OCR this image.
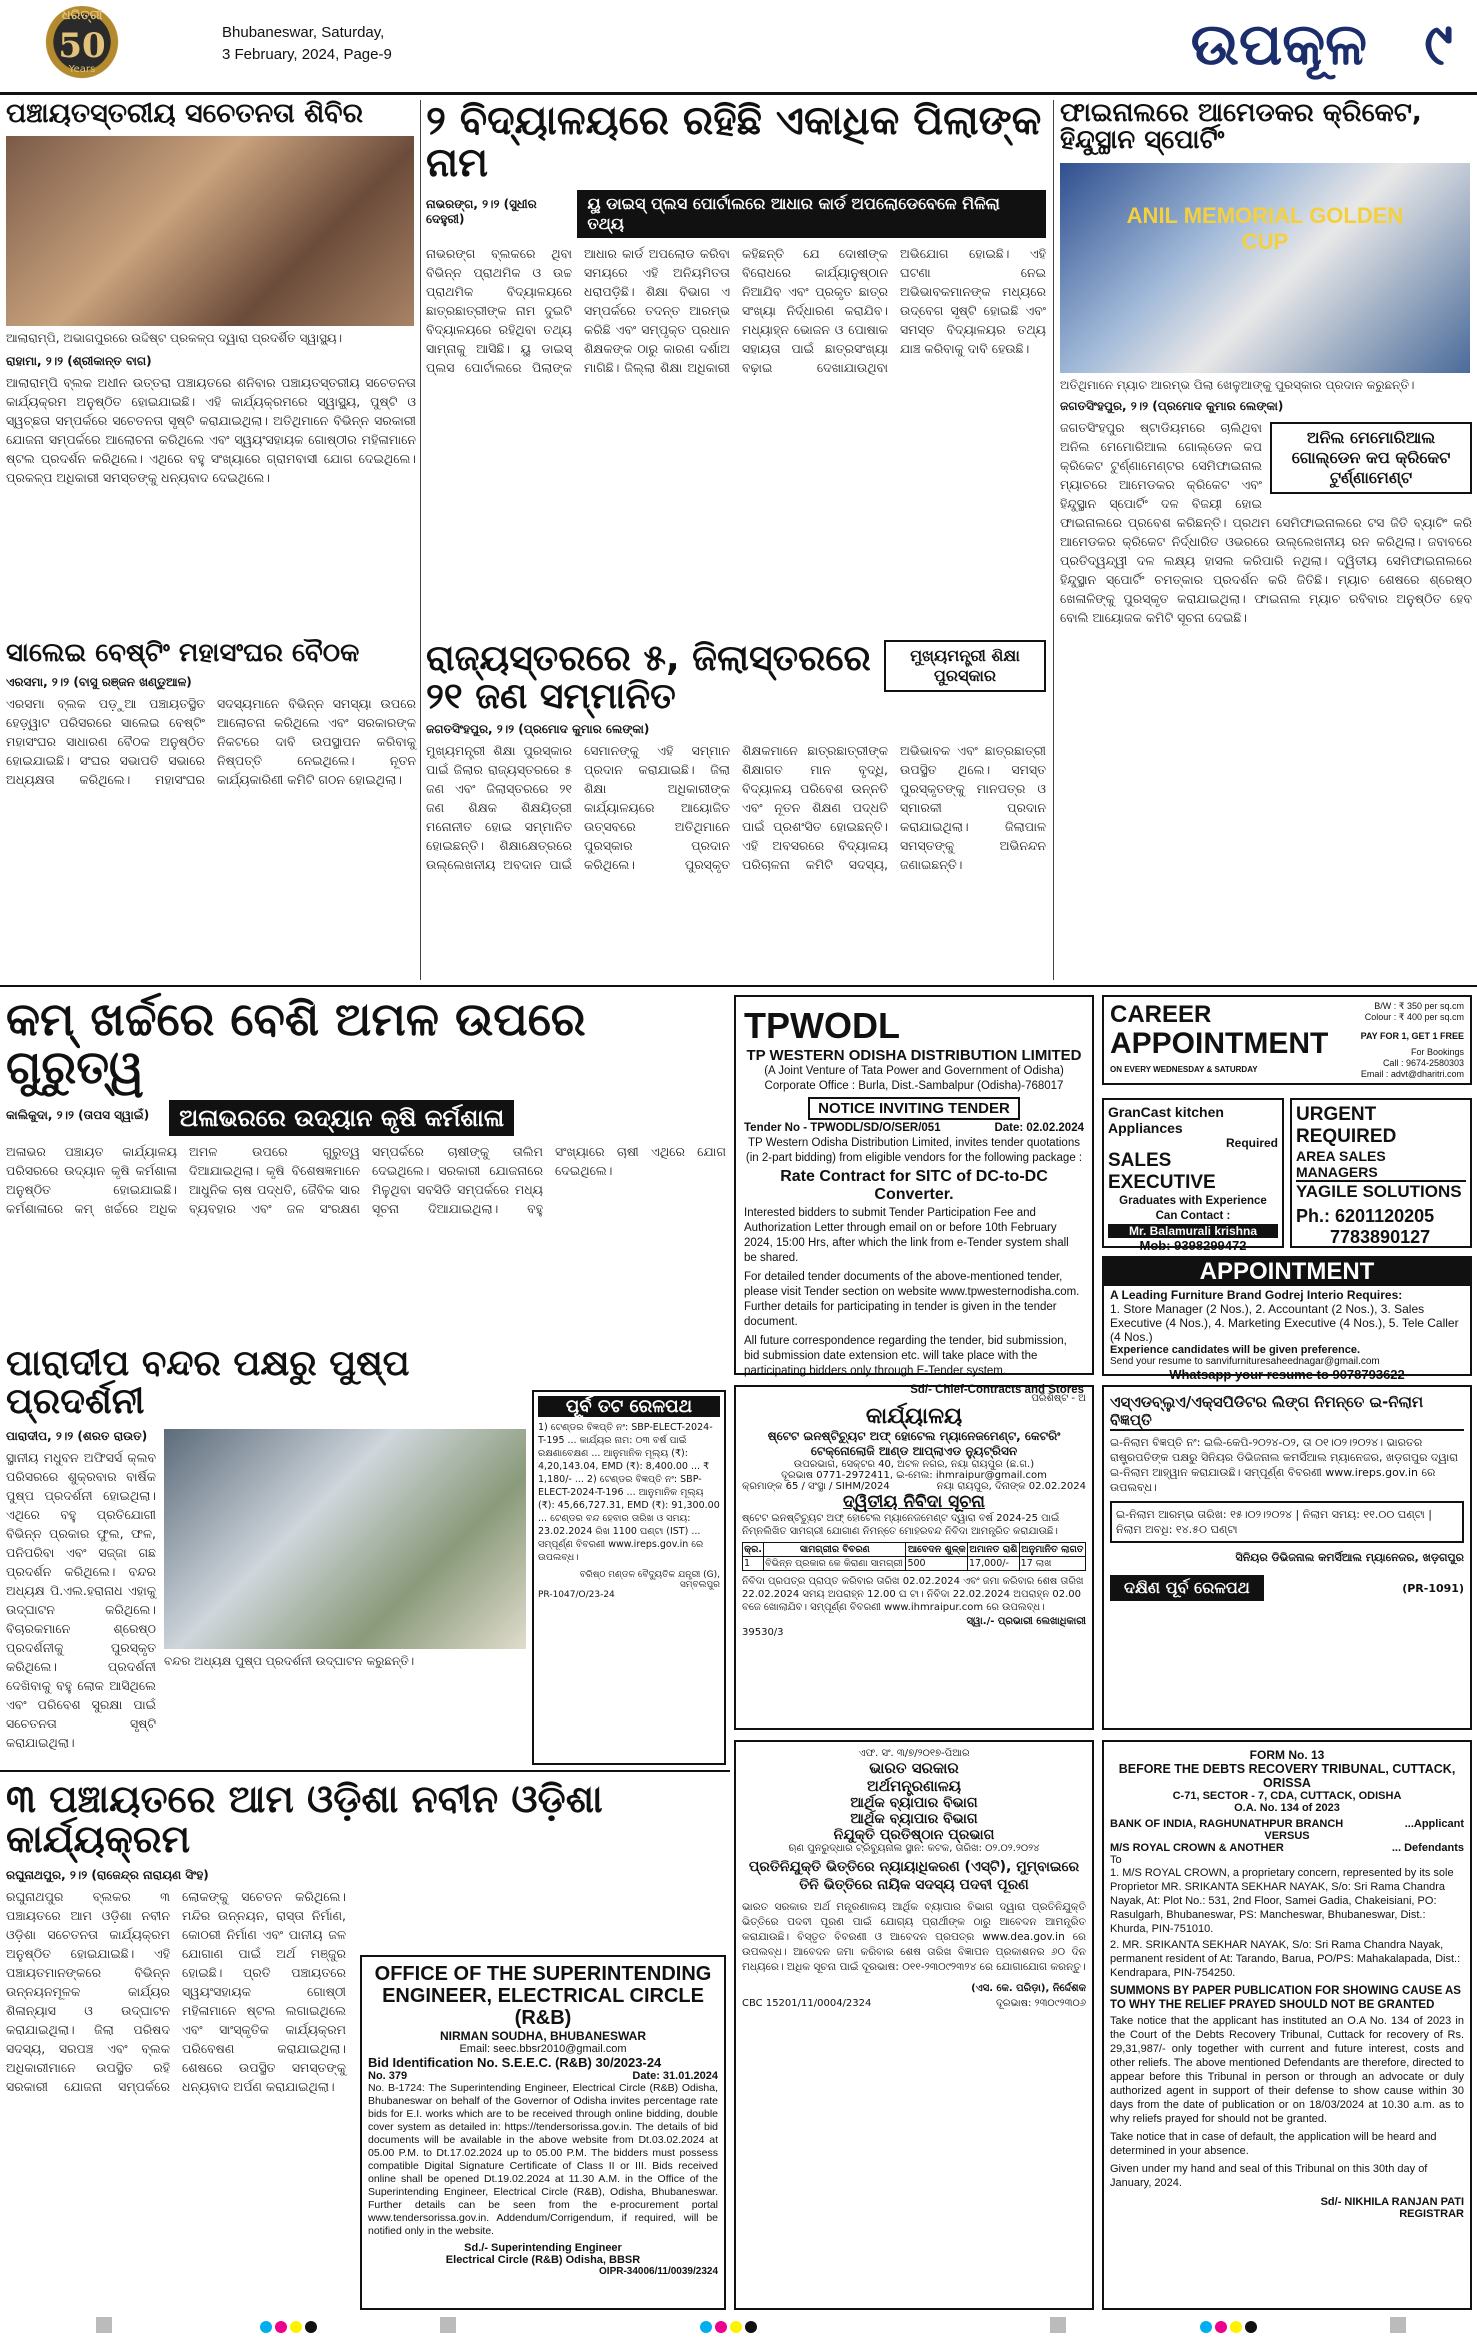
50
Years
ଧରିତ୍ରୀ
Bhubaneswar, Saturday,
3 February, 2024, Page-9	ଉପକୂଳ ୯
ପଞ୍ଚାୟତସ୍ତରୀୟ ସଚେତନତା ଶିବିର
ଆଲାରାମ୍ପି, ଅଭାଗପୁରରେ ଉଦ୍ଦିଷ୍ଟ ପ୍ରକଳ୍ପ ଦ୍ୱାରା ପ୍ରଦର୍ଶିତ ସ୍ୱାସ୍ଥ୍ୟ।
ରାହାମା, ୨।୨ (ଶ୍ରୀକାନ୍ତ ବାଗ)
ଆଲାରାମ୍ପି ବ୍ଲକ ଅଧୀନ ଉତ୍ତରା ପଞ୍ଚାୟତରେ ଶନିବାର ପଞ୍ଚାୟତସ୍ତରୀୟ ସଚେତନତା କାର୍ଯ୍ୟକ୍ରମ ଅନୁଷ୍ଠିତ ହୋଇଯାଇଛି। ଏହି କାର୍ଯ୍ୟକ୍ରମରେ ସ୍ୱାସ୍ଥ୍ୟ, ପୁଷ୍ଟି ଓ ସ୍ୱଚ୍ଛତା ସମ୍ପର୍କରେ ସଚେତନତା ସୃଷ୍ଟି କରାଯାଇଥିଲା। ଅତିଥିମାନେ ବିଭିନ୍ନ ସରକାରୀ ଯୋଜନା ସମ୍ପର୍କରେ ଆଲୋଚନା କରିଥିଲେ ଏବଂ ସ୍ୱୟଂସହାୟକ ଗୋଷ୍ଠୀର ମହିଳାମାନେ ଷ୍ଟଲ ପ୍ରଦର୍ଶନ କରିଥିଲେ। ଏଥିରେ ବହୁ ସଂଖ୍ୟାରେ ଗ୍ରାମବାସୀ ଯୋଗ ଦେଇଥିଲେ। ପ୍ରକଳ୍ପ ଅଧିକାରୀ ସମସ୍ତଙ୍କୁ ଧନ୍ୟବାଦ ଦେଇଥିଲେ।
୨ ବିଦ୍ୟାଳୟରେ ରହିଛି ଏକାଧିକ ପିଲାଙ୍କ ନାମ
ନାଭରଙ୍ଗ, ୨।୨ (ସୁଧୀର ଦେହୁରୀ)
ୟୁ ଡାଇସ୍ ପ୍ଲସ ପୋର୍ଟାଲରେ ଆଧାର କାର୍ଡ ଅପଲୋଡେବେଳେ ମିଳିଲା ତଥ୍ୟ
ନାଭରଙ୍ଗ ବ୍ଲକରେ ଥିବା ବିଭିନ୍ନ ପ୍ରାଥମିକ ଓ ଉଚ୍ଚ ପ୍ରାଥମିକ ବିଦ୍ୟାଳୟରେ ଛାତ୍ରଛାତ୍ରୀଙ୍କ ନାମ ଦୁଇଟି ବିଦ୍ୟାଳୟରେ ରହିଥିବା ତଥ୍ୟ ସାମ୍ନାକୁ ଆସିଛି। ୟୁ ଡାଇସ୍ ପ୍ଲସ ପୋର୍ଟାଲରେ ପିଲାଙ୍କ ଆଧାର କାର୍ଡ ଅପଲୋଡ କରିବା ସମୟରେ ଏହି ଅନିୟମିତତା ଧରାପଡ଼ିଛି। ଶିକ୍ଷା ବିଭାଗ ଏ ସମ୍ପର୍କରେ ତଦନ୍ତ ଆରମ୍ଭ କରିଛି ଏବଂ ସମ୍ପୃକ୍ତ ପ୍ରଧାନ ଶିକ୍ଷକଙ୍କ ଠାରୁ କାରଣ ଦର୍ଶାଅ ମାଗିଛି। ଜିଲ୍ଲା ଶିକ୍ଷା ଅଧିକାରୀ କହିଛନ୍ତି ଯେ ଦୋଷୀଙ୍କ ବିରୋଧରେ କାର୍ଯ୍ୟାନୁଷ୍ଠାନ ନିଆଯିବ ଏବଂ ପ୍ରକୃତ ଛାତ୍ର ସଂଖ୍ୟା ନିର୍ଦ୍ଧାରଣ କରାଯିବ। ମଧ୍ୟାହ୍ନ ଭୋଜନ ଓ ପୋଷାକ ସହାୟତା ପାଇଁ ଛାତ୍ରସଂଖ୍ୟା ବଢ଼ାଇ ଦେଖାଯାଉଥିବା ଅଭିଯୋଗ ହୋଇଛି। ଏହି ଘଟଣା ନେଇ ଅଭିଭାବକମାନଙ୍କ ମଧ୍ୟରେ ଉଦ୍‌ବେଗ ସୃଷ୍ଟି ହୋଇଛି ଏବଂ ସମସ୍ତ ବିଦ୍ୟାଳୟର ତଥ୍ୟ ଯାଞ୍ଚ କରିବାକୁ ଦାବି ହେଉଛି।
ଫାଇନାଲରେ ଆମେଡକର କ୍ରିକେଟ, ହିନ୍ଦୁସ୍ଥାନ ସ୍ପୋର୍ଟିଂ
ANIL MEMORIAL GOLDEN CUP
ଅତିଥିମାନେ ମ୍ୟାଚ ଆରମ୍ଭ ପିଲା ଖେଳୁଆଙ୍କୁ ପୁରସ୍କାର ପ୍ରଦାନ କରୁଛନ୍ତି।
ଜଗତସିଂହପୁର, ୨।୨ (ପ୍ରମୋଦ କୁମାର ଲେଙ୍କା)
ଅନିଲ ମେମୋରିଆଲ ଗୋଲ୍ଡେନ କପ କ୍ରିକେଟ ଟୁର୍ଣ୍ଣାମେଣ୍ଟ
ଜଗତସିଂହପୁର ଷ୍ଟାଡିୟମରେ ଚାଲିଥିବା ଅନିଲ ମେମୋରିଆଲ ଗୋଲ୍ଡେନ କପ କ୍ରିକେଟ ଟୁର୍ଣ୍ଣାମେଣ୍ଟର ସେମିଫାଇନାଲ ମ୍ୟାଚରେ ଆମେଡକର କ୍ରିକେଟ ଏବଂ ହିନ୍ଦୁସ୍ଥାନ ସ୍ପୋର୍ଟିଂ ଦଳ ବିଜୟୀ ହୋଇ ଫାଇନାଲରେ ପ୍ରବେଶ କରିଛନ୍ତି। ପ୍ରଥମ ସେମିଫାଇନାଲରେ ଟସ ଜିତି ବ୍ୟାଟିଂ କରି ଆମେଡକର କ୍ରିକେଟ ନିର୍ଦ୍ଧାରିତ ଓଭରରେ ଉଲ୍ଲେଖନୀୟ ରନ କରିଥିଲା। ଜବାବରେ ପ୍ରତିଦ୍ୱନ୍ଦ୍ୱୀ ଦଳ ଲକ୍ଷ୍ୟ ହାସଲ କରିପାରି ନଥିଲା। ଦ୍ୱିତୀୟ ସେମିଫାଇନାଲରେ ହିନ୍ଦୁସ୍ଥାନ ସ୍ପୋର୍ଟିଂ ଚମତ୍କାର ପ୍ରଦର୍ଶନ କରି ଜିତିଛି। ମ୍ୟାଚ ଶେଷରେ ଶ୍ରେଷ୍ଠ ଖେଳାଳିଙ୍କୁ ପୁରସ୍କୃତ କରାଯାଇଥିଲା। ଫାଇନାଲ ମ୍ୟାଚ ରବିବାର ଅନୁଷ୍ଠିତ ହେବ ବୋଲି ଆୟୋଜକ କମିଟି ସୂଚନା ଦେଇଛି।
ସାଲେଇ ବେଷ୍ଟିଂ ମହାସଂଘର ବୈଠକ
ଏରସମା, ୨।୨ (ବାସୁ ରଞ୍ଜନ ଖଣ୍ଡୁଆଳ)
ଏରସମା ବ୍ଲକ ପଡ଼ୁଆ ପଞ୍ଚାୟତସ୍ଥିତ ହେଡ଼୍ୱାଟ ପରିସରରେ ସାଲେଇ ବେଷ୍ଟିଂ ମହାସଂଘର ସାଧାରଣ ବୈଠକ ଅନୁଷ୍ଠିତ ହୋଇଯାଇଛି। ସଂଘର ସଭାପତି ସଭାରେ ଅଧ୍ୟକ୍ଷତା କରିଥିଲେ। ମହାସଂଘର ସଦସ୍ୟମାନେ ବିଭିନ୍ନ ସମସ୍ୟା ଉପରେ ଆଲୋଚନା କରିଥିଲେ ଏବଂ ସରକାରଙ୍କ ନିକଟରେ ଦାବି ଉପସ୍ଥାପନ କରିବାକୁ ନିଷ୍ପତ୍ତି ନେଇଥିଲେ। ନୂତନ କାର୍ଯ୍ୟକାରିଣୀ କମିଟି ଗଠନ ହୋଇଥିଲା।
ରାଜ୍ୟସ୍ତରରେ ୫, ଜିଲାସ୍ତରରେ ୨୧ ଜଣ ସମ୍ମାନିତ
ମୁଖ୍ୟମନ୍ତ୍ରୀ ଶିକ୍ଷା ପୁରସ୍କାର
ଜଗତସିଂହପୁର, ୨।୨ (ପ୍ରମୋଦ କୁମାର ଲେଙ୍କା)
ମୁଖ୍ୟମନ୍ତ୍ରୀ ଶିକ୍ଷା ପୁରସ୍କାର ପାଇଁ ଜିଲାର ରାଜ୍ୟସ୍ତରରେ ୫ ଜଣ ଏବଂ ଜିଲାସ୍ତରରେ ୨୧ ଜଣ ଶିକ୍ଷକ ଶିକ୍ଷୟିତ୍ରୀ ମନୋନୀତ ହୋଇ ସମ୍ମାନିତ ହୋଇଛନ୍ତି। ଶିକ୍ଷାକ୍ଷେତ୍ରରେ ଉଲ୍ଲେଖନୀୟ ଅବଦାନ ପାଇଁ ସେମାନଙ୍କୁ ଏହି ସମ୍ମାନ ପ୍ରଦାନ କରାଯାଇଛି। ଜିଲା ଶିକ୍ଷା ଅଧିକାରୀଙ୍କ କାର୍ଯ୍ୟାଳୟରେ ଆୟୋଜିତ ଉତ୍ସବରେ ଅତିଥିମାନେ ପୁରସ୍କାର ପ୍ରଦାନ କରିଥିଲେ। ପୁରସ୍କୃତ ଶିକ୍ଷକମାନେ ଛାତ୍ରଛାତ୍ରୀଙ୍କ ଶିକ୍ଷାଗତ ମାନ ବୃଦ୍ଧି, ବିଦ୍ୟାଳୟ ପରିବେଶ ଉନ୍ନତି ଏବଂ ନୂତନ ଶିକ୍ଷଣ ପଦ୍ଧତି ପାଇଁ ପ୍ରଶଂସିତ ହୋଇଛନ୍ତି। ଏହି ଅବସରରେ ବିଦ୍ୟାଳୟ ପରିଚାଳନା କମିଟି ସଦସ୍ୟ, ଅଭିଭାବକ ଏବଂ ଛାତ୍ରଛାତ୍ରୀ ଉପସ୍ଥିତ ଥିଲେ। ସମସ୍ତ ପୁରସ୍କୃତଙ୍କୁ ମାନପତ୍ର ଓ ସ୍ମାରକୀ ପ୍ରଦାନ କରାଯାଇଥିଲା। ଜିଲାପାଳ ସମସ୍ତଙ୍କୁ ଅଭିନନ୍ଦନ ଜଣାଇଛନ୍ତି।
କମ୍ ଖର୍ଚ୍ଚରେ ବେଶି ଅମଳ ଉପରେ ଗୁରୁତ୍ୱ
କାଲିକୁଦା, ୨।୨ (ତାପସ ସ୍ୱାଇଁ)	ଅଳାଭରରେ ଉଦ୍ୟାନ କୃଷି କର୍ମଶାଳା
ଅଳାଭର ପଞ୍ଚାୟତ କାର୍ଯ୍ୟାଳୟ ପରିସରରେ ଉଦ୍ୟାନ କୃଷି କର୍ମଶାଳା ଅନୁଷ୍ଠିତ ହୋଇଯାଇଛି। କର୍ମଶାଳାରେ କମ୍ ଖର୍ଚ୍ଚରେ ଅଧିକ ଅମଳ ଉପରେ ଗୁରୁତ୍ୱ ଦିଆଯାଇଥିଲା। କୃଷି ବିଶେଷଜ୍ଞମାନେ ଆଧୁନିକ ଚାଷ ପଦ୍ଧତି, ଜୈବିକ ସାର ବ୍ୟବହାର ଏବଂ ଜଳ ସଂରକ୍ଷଣ ସମ୍ପର୍କରେ ଚାଷୀଙ୍କୁ ତାଲିମ ଦେଇଥିଲେ। ସରକାରୀ ଯୋଜନାରେ ମିଳୁଥିବା ସବସିଡି ସମ୍ପର୍କରେ ମଧ୍ୟ ସୂଚନା ଦିଆଯାଇଥିଲା। ବହୁ ସଂଖ୍ୟାରେ ଚାଷୀ ଏଥିରେ ଯୋଗ ଦେଇଥିଲେ।
TPWODL
TP WESTERN ODISHA DISTRIBUTION LIMITED
(A Joint Venture of Tata Power and Government of Odisha)
Corporate Office : Burla, Dist.-Sambalpur (Odisha)-768017
NOTICE INVITING TENDER
Tender No - TPWODL/SD/O/SER/051	Date: 02.02.2024
TP Western Odisha Distribution Limited, invites tender quotations (in 2-part bidding) from eligible vendors for the following package :
Rate Contract for SITC of DC-to-DC Converter.
Interested bidders to submit Tender Participation Fee and Authorization Letter through email on or before 10th February 2024, 15:00 Hrs, after which the link from e-Tender system shall be shared.
For detailed tender documents of the above-mentioned tender, please visit Tender section on website www.tpwesternodisha.com. Further details for participating in tender is given in the tender document.
All future correspondence regarding the tender, bid submission, bid submission date extension etc. will take place with the participating bidders only through E-Tender system.
Sd/- Chief-Contracts and Stores
CAREER
APPOINTMENT
ON EVERY WEDNESDAY & SATURDAY
B/W : ₹ 350 per sq.cm
Colour : ₹ 400 per sq.cm
PAY FOR 1, GET 1 FREE
For Bookings
Call : 9674-2580303
Email : advt@dharitri.com
GranCast kitchen Appliances
Required
SALES EXECUTIVE
Graduates with Experience
Can Contact :
Mr. Balamurali krishna
Mob: 9398299472
URGENT REQUIRED
AREA SALES MANAGERS
YAGILE SOLUTIONS
Ph.: 6201120205
7783890127
APPOINTMENT
A Leading Furniture Brand Godrej Interio Requires:
1. Store Manager (2 Nos.), 2. Accountant (2 Nos.), 3. Sales Executive (4 Nos.), 4. Marketing Executive (4 Nos.), 5. Tele Caller (4 Nos.)
Experience candidates will be given preference.
Send your resume to sanvifurnituresaheednagar@gmail.com
Whatsapp your resume to 9078793622
ପାରାଦୀପ ବନ୍ଦର ପକ୍ଷରୁ ପୁଷ୍ପ ପ୍ରଦର୍ଶନୀ
ପାରାଦୀପ, ୨।୨ (ଶରତ ରାଉତ)
ସ୍ଥାନୀୟ ମଧୁବନ ଅଫିସର୍ସ କ୍ଲବ ପରିସରରେ ଶୁକ୍ରବାର ବାର୍ଷିକ ପୁଷ୍ପ ପ୍ରଦର୍ଶନୀ ହୋଇଥିଲା। ଏଥିରେ ବହୁ ପ୍ରତିଯୋଗୀ ବିଭିନ୍ନ ପ୍ରକାର ଫୁଲ, ଫଳ, ପନିପରିବା ଏବଂ ସଜ୍ଜା ଗଛ ପ୍ରଦର୍ଶନ କରିଥିଲେ। ବନ୍ଦର ଅଧ୍ୟକ୍ଷ ପି.ଏଲ.ହରାନାଧ ଏହାକୁ ଉଦ୍‌ଘାଟନ କରିଥିଲେ। ବିଚାରକମାନେ ଶ୍ରେଷ୍ଠ ପ୍ରଦର୍ଶନୀକୁ ପୁରସ୍କୃତ କରିଥିଲେ। ପ୍ରଦର୍ଶନୀ ଦେଖିବାକୁ ବହୁ ଲୋକ ଆସିଥିଲେ ଏବଂ ପରିବେଶ ସୁରକ୍ଷା ପାଇଁ ସଚେତନତା ସୃଷ୍ଟି କରାଯାଇଥିଲା।
ବନ୍ଦର ଅଧ୍ୟକ୍ଷ ପୁଷ୍ପ ପ୍ରଦର୍ଶନୀ ଉଦ୍‌ଘାଟନ କରୁଛନ୍ତି।
ପୂର୍ବ ତଟ ରେଳପଥ
1) ଟେଣ୍ଡର ବିଜ୍ଞପ୍ତି ନଂ: SBP-ELECT-2024-T-195 ... କାର୍ଯ୍ୟର ନାମ: ୦୩ ବର୍ଷ ପାଇଁ ରକ୍ଷଣାବେକ୍ଷଣ ... ଆନୁମାନିକ ମୂଲ୍ୟ (₹): 4,20,143.04, EMD (₹): 8,400.00 ... ₹ 1,180/- ... 2) ଟେଣ୍ଡର ବିଜ୍ଞପ୍ତି ନଂ: SBP-ELECT-2024-T-196 ... ଆନୁମାନିକ ମୂଲ୍ୟ (₹): 45,66,727.31, EMD (₹): 91,300.00 ... ଟେଣ୍ଡର ବନ୍ଦ ହେବାର ତାରିଖ ଓ ସମୟ: 23.02.2024 ରିଖ 1100 ଘଣ୍ଟା (IST) ... ସମ୍ପୂର୍ଣ୍ଣ ବିବରଣୀ www.ireps.gov.in ରେ ଉପଲବ୍ଧ।
ବରିଷ୍ଠ ମଣ୍ଡଳ ବୈଦ୍ୟୁତିକ ଯନ୍ତ୍ରୀ (G), ସମ୍ବଲପୁର
PR-1047/O/23-24
ପରିଶିଷ୍ଟ - ଅ
କାର୍ଯ୍ୟାଳୟ
ଷ୍ଟେଟ ଇନଷ୍ଟିଚ୍ୟୁଟ ଅଫ୍ ହୋଟେଲ ମ୍ୟାନେଜମେଣ୍ଟ, କେଟରିଂ ଟେକ୍ନୋଲୋଜି ଆଣ୍ଡ ଆପ୍ଲାଏଡ ନ୍ୟୁଟ୍ରିସନ
ଉପରଭାଗ, ସେକ୍ଟର 40, ଅଟଳ ନଗର, ନୟା ରାୟପୁର (ଛ.ଗ.)
ଦୂରଭାଷ 0771-2972411, ଇ-ମେଲ: ihmraipur@gmail.com
କ୍ରମାଙ୍କ 65 / ସଂସ୍ଥା / SIHM/2024	ନୟା ରାୟପୁର, ଦିନାଙ୍କ 02.02.2024
ଦ୍ୱିତୀୟ ନିବିଦା ସୂଚନା
ଷ୍ଟେଟ ଇନଷ୍ଟିଚ୍ୟୁଟ ଅଫ୍ ହୋଟେଲ ମ୍ୟାନେଜମେଣ୍ଟ ଦ୍ୱାରା ବର୍ଷ 2024-25 ପାଇଁ ନିମ୍ନଲିଖିତ ସାମଗ୍ରୀ ଯୋଗାଣ ନିମନ୍ତେ ମୋହରବନ୍ଦ ନିବିଦା ଆମନ୍ତ୍ରିତ କରାଯାଉଛି।
କ୍ର.	ସାମଗ୍ରୀର ବିବରଣ	ଆବେଦନ ଶୁଳ୍କ	ଅମାନତ ରାଶି	ଅନୁମାନିତ ଲାଗତ
1	ବିଭିନ୍ନ ପ୍ରକାର କେ କିରାଣା ସାମଗ୍ରୀ	500	17,000/-	17 ଲାଖ
ନିବିଦା ପ୍ରପତ୍ର ପ୍ରାପ୍ତ କରିବାର ତାରିଖ 02.02.2024 ଏବଂ ଜମା କରିବାର ଶେଷ ତାରିଖ 22.02.2024 ସମୟ ଅପରାହ୍ନ 12.00 ଘ ଟା। ନିବିଦା 22.02.2024 ଅପରାହ୍ନ 02.00 ବଜେ ଖୋଲାଯିବ। ସମ୍ପୂର୍ଣ୍ଣ ବିବରଣୀ www.ihmraipur.com ରେ ଉପଲବ୍ଧ।
ସ୍ୱା./- ପ୍ରଭାରୀ ଲେଖାଧିକାରୀ
39530/3
ଏସ୍‌ଏଡବ୍ଲୁଏ/ଏକ୍ସପିଡିଟର ଲିଙ୍ଗ ନିମନ୍ତେ ଇ-ନିଲାମ ବିଜ୍ଞପ୍ତି
ଇ-ନିଲାମ ବିଜ୍ଞପ୍ତି ନଂ: ଇଲି-କେପି-୨୦୨୪-୦୨, ତା ୦୧।୦୨।୨୦୨୪। ଭାରତର ରାଷ୍ଟ୍ରପତିଙ୍କ ପକ୍ଷରୁ ସିନିୟର ଡିଭିଜନାଲ କମର୍ସିଆଲ ମ୍ୟାନେଜର, ଖଡ଼ଗପୁର ଦ୍ୱାରା ଇ-ନିଲାମ ଆହ୍ୱାନ କରାଯାଉଛି। ସମ୍ପୂର୍ଣ୍ଣ ବିବରଣୀ www.ireps.gov.in ରେ ଉପଲବ୍ଧ।
ଇ-ନିଲାମ ଆରମ୍ଭ ତାରିଖ: ୧୫।୦୨।୨୦୨୪ | ନିଲାମ ସମୟ: ୧୧.୦୦ ଘଣ୍ଟା | ନିଲାମ ଅବଧି: ୧୪.୫୦ ଘଣ୍ଟା
ସିନିୟର ଡିଭିଜନାଲ କମର୍ସିଆଲ ମ୍ୟାନେଜର, ଖଡ଼ଗପୁର
ଦକ୍ଷିଣ ପୂର୍ବ ରେଳପଥ	(PR-1091)
୩ ପଞ୍ଚାୟତରେ ଆମ ଓଡ଼ିଶା ନବୀନ ଓଡ଼ିଶା କାର୍ଯ୍ୟକ୍ରମ
ରଘୁନାଥପୁର, ୨।୨ (ରାଜେନ୍ଦ୍ର ନାରାୟଣ ସିଂହ)
ରଘୁନାଥପୁର ବ୍ଲକର ୩ ପଞ୍ଚାୟତରେ ଆମ ଓଡ଼ିଶା ନବୀନ ଓଡ଼ିଶା ସଚେତନତା କାର୍ଯ୍ୟକ୍ରମ ଅନୁଷ୍ଠିତ ହୋଇଯାଇଛି। ଏହି ପଞ୍ଚାୟତମାନଙ୍କରେ ବିଭିନ୍ନ ଉନ୍ନୟନମୂଳକ କାର୍ଯ୍ୟର ଶିଳାନ୍ୟାସ ଓ ଉଦ୍‌ଘାଟନ କରାଯାଇଥିଲା। ଜିଲା ପରିଷଦ ସଦସ୍ୟ, ସରପଞ୍ଚ ଏବଂ ବ୍ଲକ ଅଧିକାରୀମାନେ ଉପସ୍ଥିତ ରହି ସରକାରୀ ଯୋଜନା ସମ୍ପର୍କରେ ଲୋକଙ୍କୁ ସଚେତନ କରିଥିଲେ। ମନ୍ଦିର ଉନ୍ନୟନ, ରାସ୍ତା ନିର୍ମାଣ, କୋଠରୀ ନିର୍ମାଣ ଏବଂ ପାନୀୟ ଜଳ ଯୋଗାଣ ପାଇଁ ଅର୍ଥ ମଞ୍ଜୁର ହୋଇଛି। ପ୍ରତି ପଞ୍ଚାୟତରେ ସ୍ୱୟଂସହାୟକ ଗୋଷ୍ଠୀ ମହିଳାମାନେ ଷ୍ଟଲ ଲଗାଇଥିଲେ ଏବଂ ସାଂସ୍କୃତିକ କାର୍ଯ୍ୟକ୍ରମ ପରିବେଷଣ କରାଯାଇଥିଲା। ଶେଷରେ ଉପସ୍ଥିତ ସମସ୍ତଙ୍କୁ ଧନ୍ୟବାଦ ଅର୍ପଣ କରାଯାଇଥିଲା।
OFFICE OF THE SUPERINTENDING ENGINEER, ELECTRICAL CIRCLE (R&B)
NIRMAN SOUDHA, BHUBANESWAR
Email: seec.bbsr2010@gmail.com
Bid Identification No. S.E.E.C. (R&B) 30/2023-24
No. 379	Date: 31.01.2024
No. B-1724: The Superintending Engineer, Electrical Circle (R&B) Odisha, Bhubaneswar on behalf of the Governor of Odisha invites percentage rate bids for E.I. works which are to be received through online bidding, double cover system as detailed in: https://tendersorissa.gov.in. The details of bid documents will be available in the above website from Dt.03.02.2024 at 05.00 P.M. to Dt.17.02.2024 up to 05.00 P.M. The bidders must possess compatible Digital Signature Certificate of Class II or III. Bids received online shall be opened Dt.19.02.2024 at 11.30 A.M. in the Office of the Superintending Engineer, Electrical Circle (R&B), Odisha, Bhubaneswar. Further details can be seen from the e-procurement portal www.tendersorissa.gov.in. Addendum/Corrigendum, if required, will be notified only in the website.
Sd./- Superintending Engineer
Electrical Circle (R&B) Odisha, BBSR
OIPR-34006/11/0039/2324
ଏଫ. ସଂ. ୩/୭/୨୦୧୭-ପିଆର
ଭାରତ ସରକାର
ଅର୍ଥମନ୍ତ୍ରଣାଳୟ
ଆର୍ଥିକ ବ୍ୟାପାର ବିଭାଗ
ଆର୍ଥିକ ବ୍ୟାପାର ବିଭାଗ
ନିଯୁକ୍ତି ପ୍ରତିଷ୍ଠାନ ପ୍ରଭାଗ
ଋଣ ପୁନରୁଦ୍ଧାର ଟ୍ରିବ୍ୟୁନାଲ ସ୍ଥାନ: କଟକ, ତାରିଖ: ୦୨.୦୨.୨୦୨୪
ପ୍ରତିନିଯୁକ୍ତି ଭିତ୍ତିରେ ନ୍ୟାୟାଧିକରଣ (ଏସ୍‌ଟି), ମୁମ୍ବାଇରେ ତିନି ଭିତ୍ତିରେ ନାୟିକ ସଦସ୍ୟ ପଦବୀ ପୂରଣ
ଭାରତ ସରକାର ଅର୍ଥ ମନ୍ତ୍ରଣାଳୟ ଆର୍ଥିକ ବ୍ୟାପାର ବିଭାଗ ଦ୍ୱାରା ପ୍ରତିନିଯୁକ୍ତି ଭିତ୍ତିରେ ପଦବୀ ପୂରଣ ପାଇଁ ଯୋଗ୍ୟ ପ୍ରାର୍ଥୀଙ୍କ ଠାରୁ ଆବେଦନ ଆମନ୍ତ୍ରିତ କରାଯାଉଛି। ବିସ୍ତୃତ ବିବରଣୀ ଓ ଆବେଦନ ପ୍ରପତ୍ର www.dea.gov.in ରେ ଉପଲବ୍ଧ। ଆବେଦନ ଜମା କରିବାର ଶେଷ ତାରିଖ ବିଜ୍ଞାପନ ପ୍ରକାଶନର ୬୦ ଦିନ ମଧ୍ୟରେ। ଅଧିକ ସୂଚନା ପାଇଁ ଦୂରଭାଷ: ୦୧୧-୨୩୦୯୨୩୨୪ ରେ ଯୋଗାଯୋଗ କରନ୍ତୁ।
(ଏସ. କେ. ପରିଡ଼ା), ନିର୍ଦ୍ଦେଶକ
CBC 15201/11/0004/2324	ଦୂରଭାଷ: ୨୩୦୯୨୩୦୬
FORM No. 13
BEFORE THE DEBTS RECOVERY TRIBUNAL, CUTTACK, ORISSA
C-71, SECTOR - 7, CDA, CUTTACK, ODISHA
O.A. No. 134 of 2023
BANK OF INDIA, RAGHUNATHPUR BRANCH	...Applicant
VERSUS
M/S ROYAL CROWN & ANOTHER	... Defendants
To
1. M/S ROYAL CROWN, a proprietary concern, represented by its sole Proprietor MR. SRIKANTA SEKHAR NAYAK, S/o: Sri Rama Chandra Nayak, At: Plot No.: 531, 2nd Floor, Samei Gadia, Chakeisiani, PO: Rasulgarh, Bhubaneswar, PS: Mancheswar, Bhubaneswar, Dist.: Khurda, PIN-751010.
2. MR. SRIKANTA SEKHAR NAYAK, S/o: Sri Rama Chandra Nayak, permanent resident of At: Tarando, Barua, PO/PS: Mahakalapada, Dist.: Kendrapara, PIN-754250.
SUMMONS BY PAPER PUBLICATION FOR SHOWING CAUSE AS TO WHY THE RELIEF PRAYED SHOULD NOT BE GRANTED
Take notice that the applicant has instituted an O.A No. 134 of 2023 in the Court of the Debts Recovery Tribunal, Cuttack for recovery of Rs. 29,31,987/- only together with current and future interest, costs and other reliefs. The above mentioned Defendants are therefore, directed to appear before this Tribunal in person or through an advocate or duly authorized agent in support of their defense to show cause within 30 days from the date of publication or on 18/03/2024 at 10.30 a.m. as to why reliefs prayed for should not be granted.
Take notice that in case of default, the application will be heard and determined in your absence.
Given under my hand and seal of this Tribunal on this 30th day of January, 2024.
Sd/- NIKHILA RANJAN PATI
REGISTRAR
